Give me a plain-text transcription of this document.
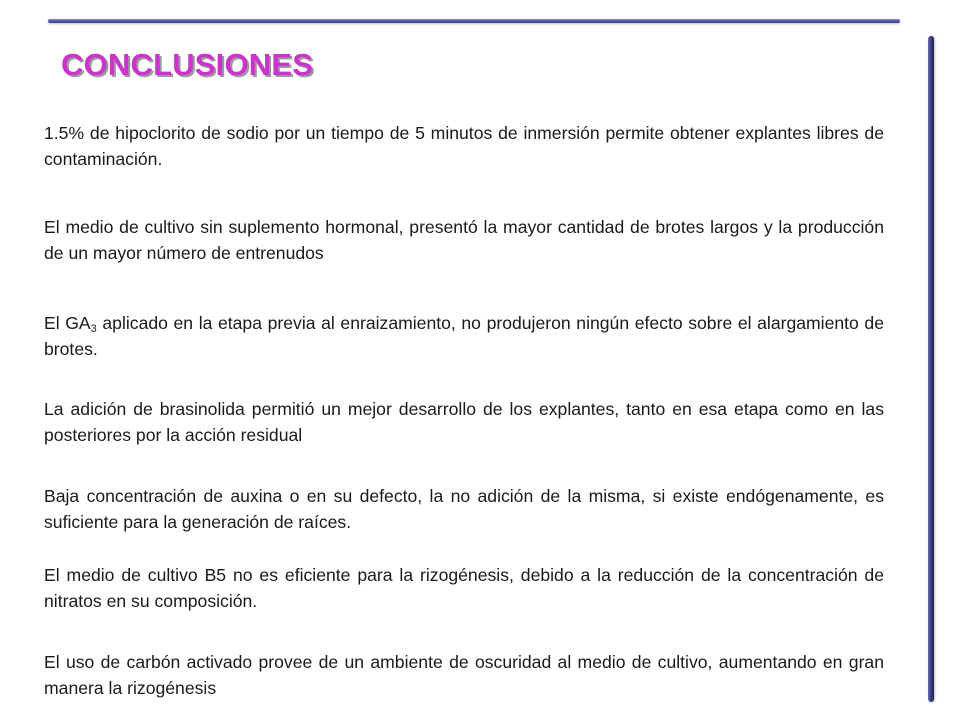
CONCLUSIONES

1.5% de hipoclorito de sodio por un tiempo de 5 minutos de inmersión permite obtener explantes libres de contaminación.

El medio de cultivo sin suplemento hormonal, presentó la mayor cantidad de brotes largos y la producción de un mayor número de entrenudos

El $GA_3$ aplicado en la etapa previa al enraizamiento, no produjeron ningún efecto sobre el alargamiento de brotes.

La adición de brasinolida permitió un mejor desarrollo de los explantes, tanto en esa etapa como en las posteriores por la acción residual

Baja concentración de auxina o en su defecto, la no adición de la misma, si existe endógenamente, es suficiente para la generación de raíces.

El medio de cultivo B5 no es eficiente para la rizogénesis, debido a la reducción de la concentración de nitratos en su composición.

El uso de carbón activado provee de un ambiente de oscuridad al medio de cultivo, aumentando en gran manera la rizogénesis
